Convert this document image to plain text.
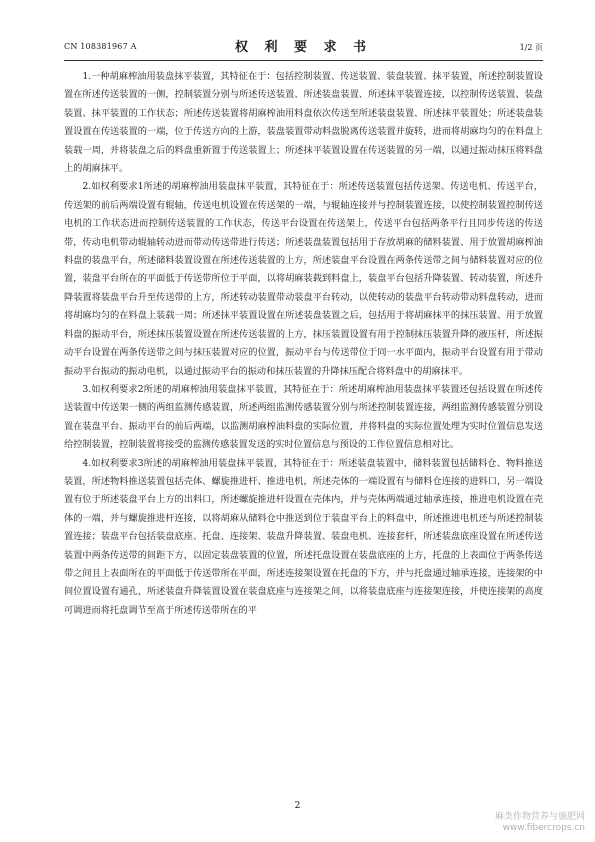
CN 108381967 A	权 利 要 求 书	1/2 页

1.一种胡麻榨油用装盘抹平装置，其特征在于：包括控制装置、传送装置、装盘装置、抹平装置，所述控制装置设置在所述传送装置的一侧，控制装置分别与所述传送装置、所述装盘装置、所述抹平装置连接，以控制传送装置、装盘装置、抹平装置的工作状态；所述传送装置将胡麻榨油用料盘依次传送至所述装盘装置、所述抹平装置处；所述装盘装置设置在传送装置的一端，位于传送方向的上游，装盘装置带动料盘脱离传送装置并旋转，进而将胡麻均匀的在料盘上装载一周，并将装盘之后的料盘重新置于传送装置上；所述抹平装置设置在传送装置的另一端，以通过振动抹压将料盘上的胡麻抹平。

2.如权利要求1所述的胡麻榨油用装盘抹平装置，其特征在于：所述传送装置包括传送架、传送电机、传送平台，传送架的前后两端设置有辊轴，传送电机设置在传送架的一端，与辊轴连接并与控制装置连接，以使控制装置控制传送电机的工作状态进而控制传送装置的工作状态，传送平台设置在传送架上，传送平台包括两条平行且同步传送的传送带，传动电机带动辊轴转动进而带动传送带进行传送；所述装盘装置包括用于存放胡麻的储料装置、用于放置胡麻榨油料盘的装盘平台，所述储料装置设置在所述传送装置的上方，所述装盘平台设置在两条传送带之间与储料装置对应的位置，装盘平台所在的平面低于传送带所位于平面，以将胡麻装载到料盘上，装盘平台包括升降装置、转动装置，所述升降装置将装盘平台升至传送带的上方，所述转动装置带动装盘平台转动，以使转动的装盘平台转动带动料盘转动，进而将胡麻均匀的在料盘上装载一周；所述抹平装置设置在所述装盘装置之后，包括用于将胡麻抹平的抹压装置、用于放置料盘的振动平台，所述抹压装置设置在所述传送装置的上方，抹压装置设置有用于控制抹压装置升降的液压杆，所述振动平台设置在两条传送带之间与抹压装置对应的位置，振动平台与传送带位于同一水平面内，振动平台设置有用于带动振动平台振动的振动电机，以通过振动平台的振动和抹压装置的升降抹压配合将料盘中的胡麻抹平。

3.如权利要求2所述的胡麻榨油用装盘抹平装置，其特征在于：所述胡麻榨油用装盘抹平装置还包括设置在所述传送装置中传送架一侧的两组监测传感装置，所述两组监测传感装置分别与所述控制装置连接，两组监测传感装置分别设置在装盘平台、振动平台的前后两端，以监测胡麻榨油料盘的实际位置，并将料盘的实际位置处理为实时位置信息发送给控制装置，控制装置将接受的监测传感装置发送的实时位置信息与预设的工作位置信息相对比。

4.如权利要求3所述的胡麻榨油用装盘抹平装置，其特征在于：所述装盘装置中，储料装置包括储料仓、物料推送装置，所述物料推送装置包括壳体、螺旋推进杆、推进电机，所述壳体的一端设置有与储料仓连接的进料口，另一端设置有位于所述装盘平台上方的出料口，所述螺旋推进杆设置在壳体内，并与壳体两端通过轴承连接，推进电机设置在壳体的一端，并与螺旋推进杆连接，以将胡麻从储料仓中推送到位于装盘平台上的料盘中，所述推进电机还与所述控制装置连接；装盘平台包括装盘底座、托盘、连接架、装盘升降装置、装盘电机、连接套杆，所述装盘底座设置在所述传送装置中两条传送带的间距下方，以固定装盘装置的位置，所述托盘设置在装盘底座的上方，托盘的上表面位于两条传送带之间且上表面所在的平面低于传送带所在平面，所述连接架设置在托盘的下方，并与托盘通过轴承连接，连接架的中间位置设置有通孔，所述装盘升降装置设置在装盘底座与连接架之间，以将装盘底座与连接架连接，并使连接架的高度可调进而将托盘调节至高于所述传送带所在的平

2
麻类作物营养与施肥网
www.fibercrops.cn
